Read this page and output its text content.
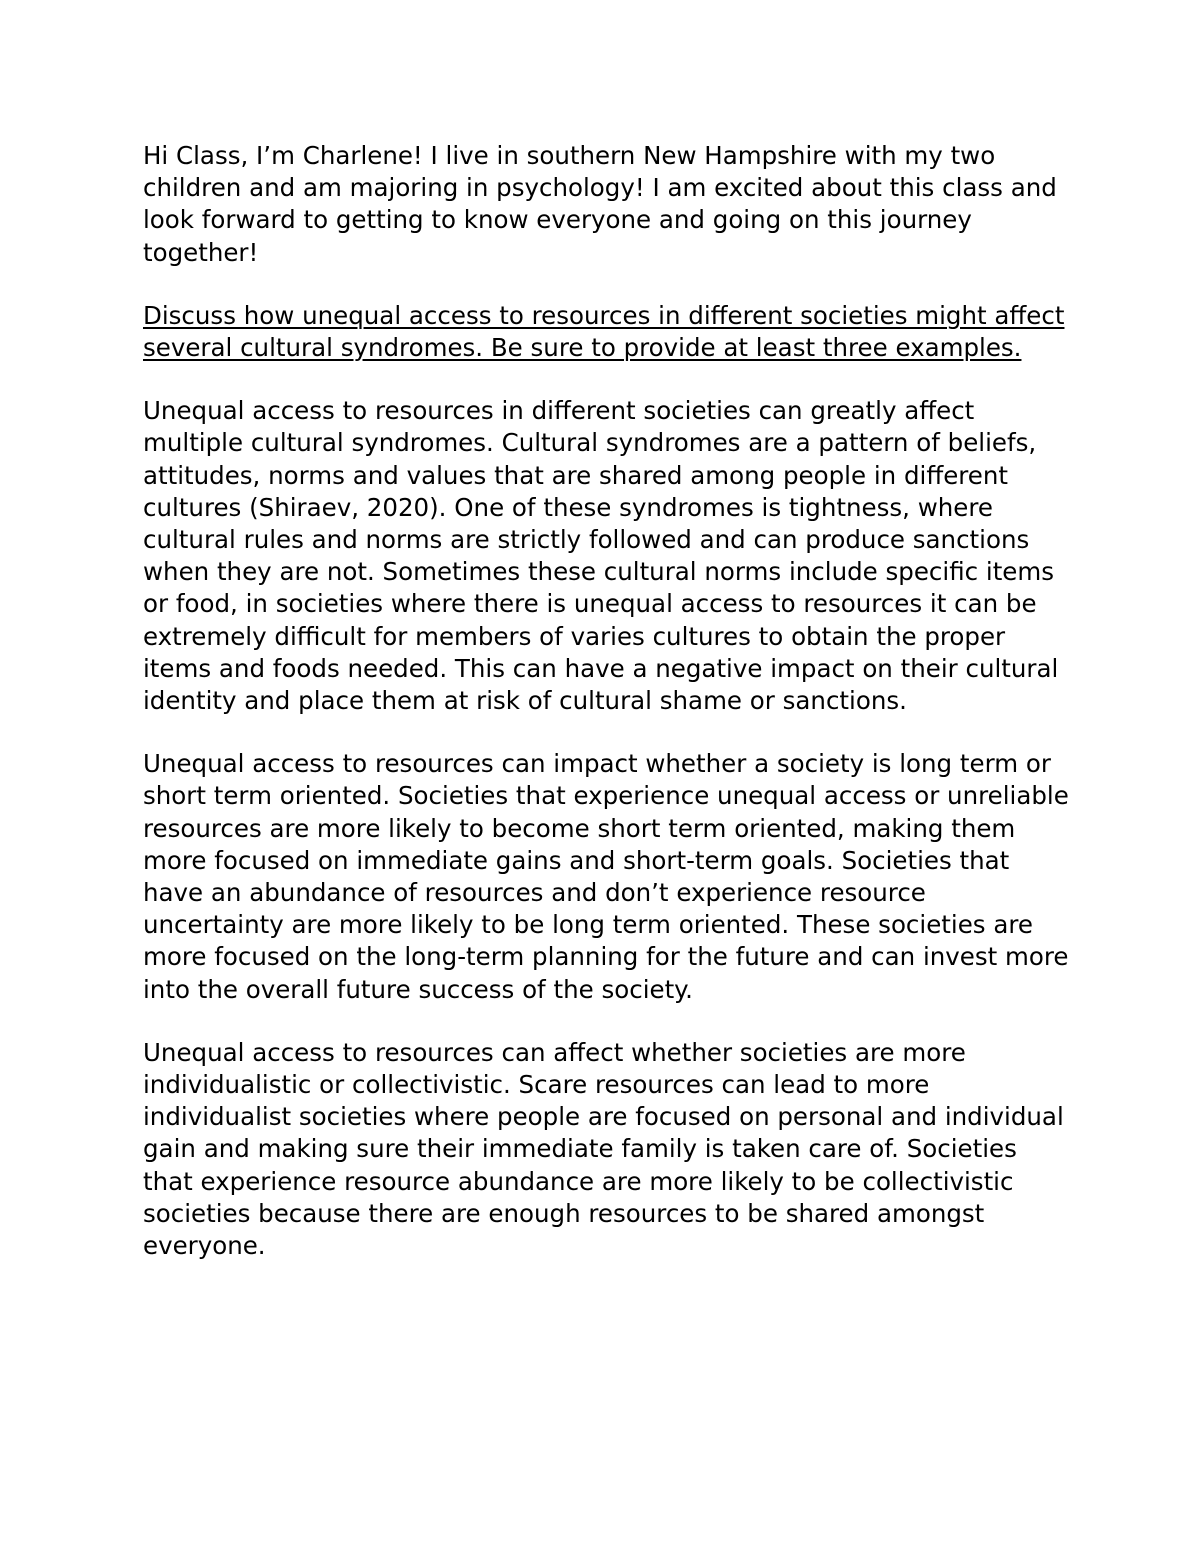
Hi Class, I’m Charlene! I live in southern New Hampshire with my two children and am majoring in psychology! I am excited about this class and look forward to getting to know everyone and going on this journey together!

Discuss how unequal access to resources in different societies might affect several cultural syndromes. Be sure to provide at least three examples.

Unequal access to resources in different societies can greatly affect multiple cultural syndromes. Cultural syndromes are a pattern of beliefs, attitudes, norms and values that are shared among people in different cultures (Shiraev, 2020). One of these syndromes is tightness, where cultural rules and norms are strictly followed and can produce sanctions when they are not. Sometimes these cultural norms include specific items or food, in societies where there is unequal access to resources it can be extremely difficult for members of varies cultures to obtain the proper items and foods needed. This can have a negative impact on their cultural identity and place them at risk of cultural shame or sanctions.

Unequal access to resources can impact whether a society is long term or short term oriented. Societies that experience unequal access or unreliable resources are more likely to become short term oriented, making them more focused on immediate gains and short-term goals. Societies that have an abundance of resources and don’t experience resource uncertainty are more likely to be long term oriented. These societies are more focused on the long-term planning for the future and can invest more into the overall future success of the society.

Unequal access to resources can affect whether societies are more individualistic or collectivistic. Scare resources can lead to more individualist societies where people are focused on personal and individual gain and making sure their immediate family is taken care of. Societies that experience resource abundance are more likely to be collectivistic societies because there are enough resources to be shared amongst everyone.
